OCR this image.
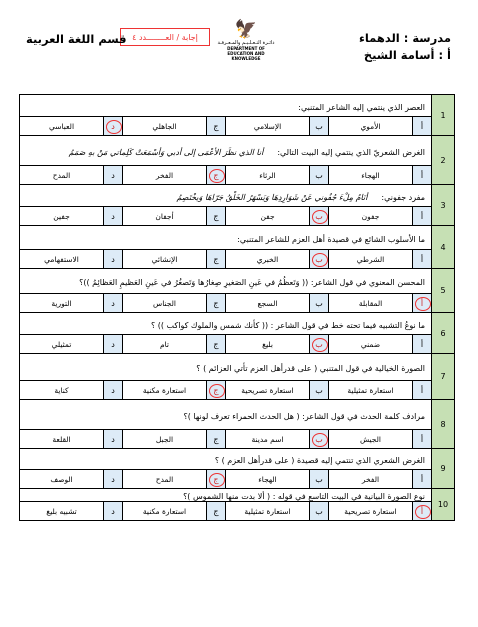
مدرسة : الدهماء
أ : أسامة الشيخ
🦅
دائـرة التـعـلـيـم والمـعـرفـة
DEPARTMENT OF EDUCATION AND KNOWLEDGE
إجابة / العــــــــدد ٤
قسم اللغة العربية
العصر الذي ينتمي إليه الشاعر المتنبي:
أ
الأموي
ب
الإسلامي
ج
الجاهلي
د
العباسي
1
الغرض الشعريّ الذي ينتمي إليه البيت التالي:
أنا الذي نظَرَ الأعْمَى إلى أدبي وَأسْمَعَتْ كَلِماتي مَنْ بهِ صَمَمُ
أ
الهجاء
ب
الرثاء
ج
الفخر
د
المدح
2
مفرد جفوني:
أنَامُ مِلْءَ جُفُوني عَنْ شَوَارِدِهَا وَيَسْهَرُ الخَلْقُ جَرّاهَا وَيخْتَصِمُ
أ
جفون
ب
جفن
ج
أجفان
د
جفين
3
ما الأسلوب الشائع في قصيدة أهل العزم للشاعر المتنبي:
أ
الشرطي
ب
الخبري
ج
الإنشائي
د
الاستفهامي
4
المحسن المعنوي في قول الشاعر: (( وَتَعظُمُ في عَينِ الصَغيرِ صِغارُها وَتَصغُرُ في عَينِ العَظيمِ العَظائِمُ ))؟
أ
المقابلة
ب
السجع
ج
الجناس
د
التورية
5
ما نوعُ التشبيه فيما تحته خط في قول الشاعر : (( كأنك شمس والملوك كواكب )) ؟
أ
ضمني
ب
بليغ
ج
تام
د
تمثيلي
6
الصورة الخيالية في قول المتنبي ( على قدرأهل العزم تأتي العزائم ) ؟
أ
استعارة تمثيلية
ب
استعارة تصريحية
ج
استعارة مكنية
د
كناية
7
مرادف كلمة الحدث في قول الشاعر: ( هل الحدث الحمراء تعرف لونها )؟
أ
الجيش
ب
اسم مدينة
ج
الجبل
د
القلعة
8
الغرض الشعري الذي تنتمي إليه قصيدة ( على قدرأهل العزم ) ؟
أ
الفخر
ب
الهجاء
ج
المدح
د
الوصف
9
نوع الصورة البيانية في البيت التاسع في قوله : ( ألا بدت منها الشموس )؟
أ
استعارة تصريحية
ب
استعارة تمثيلية
ج
استعارة مكنية
د
تشبيه بليغ
10
